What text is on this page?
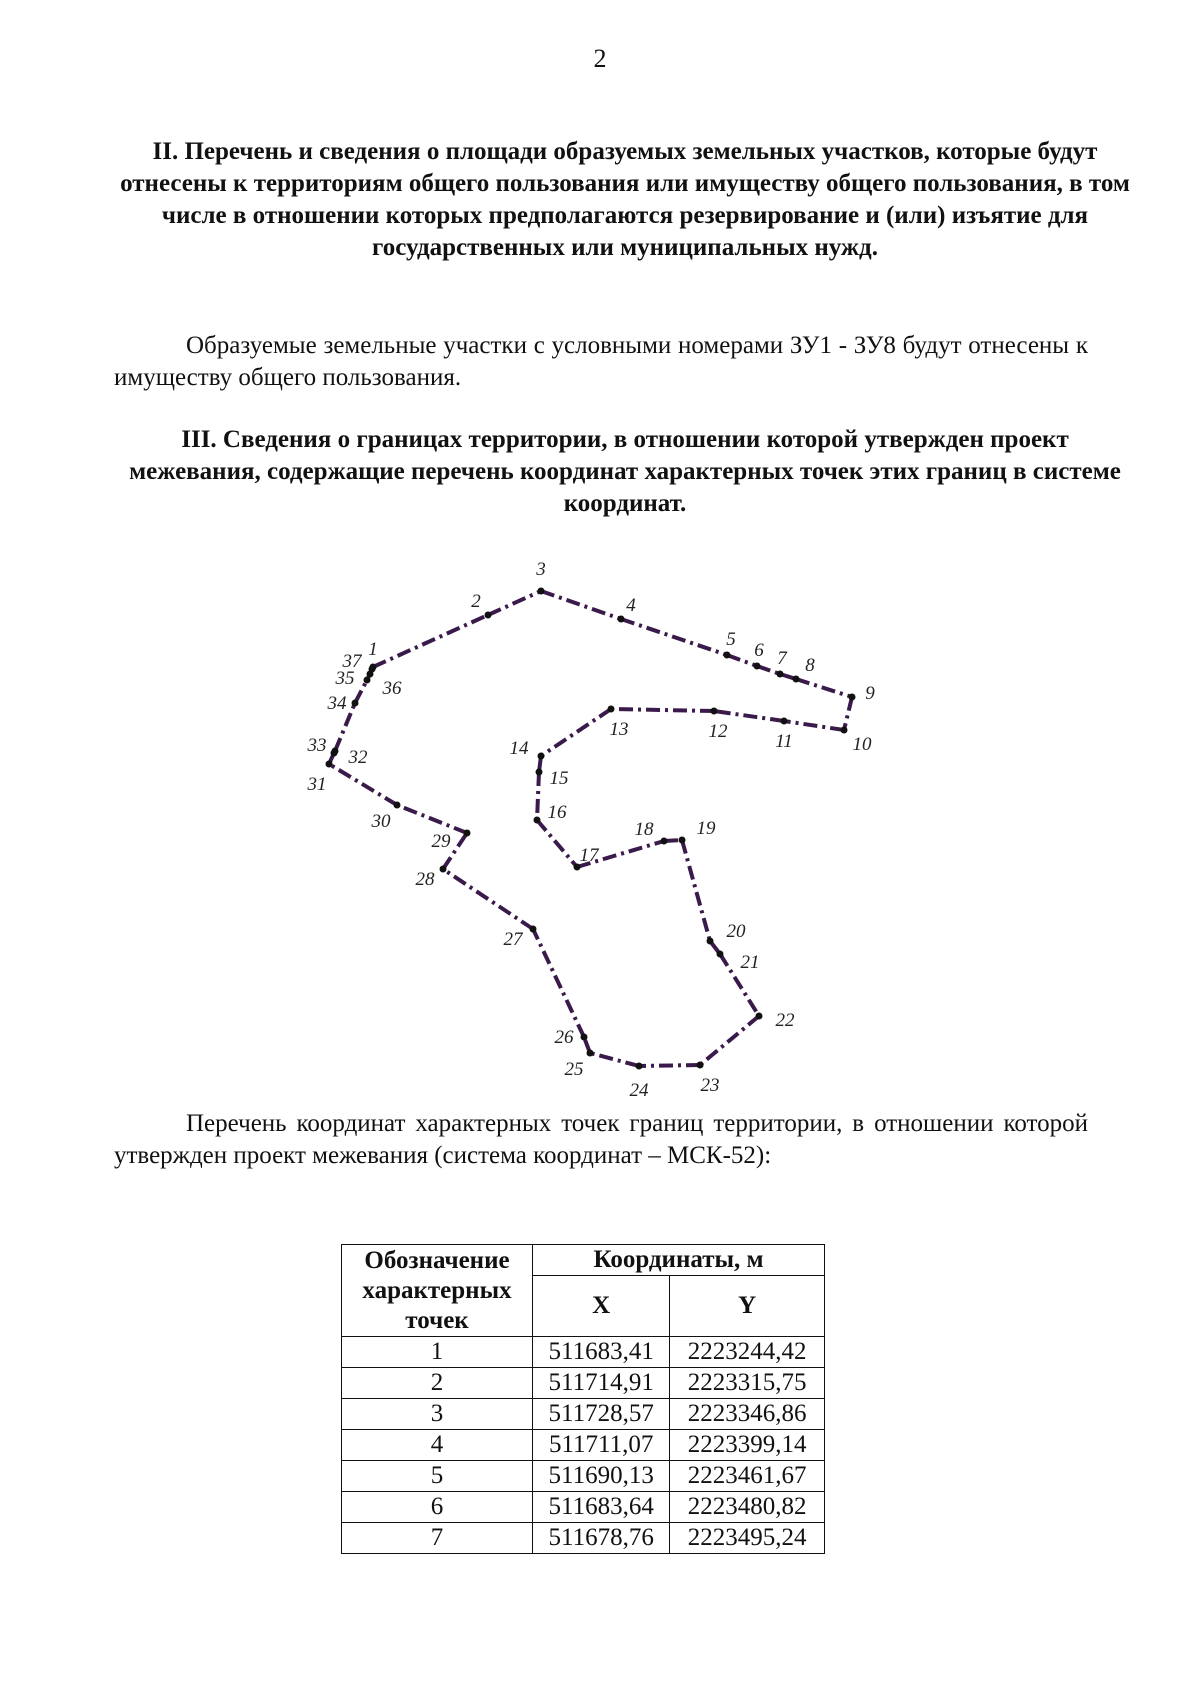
2
II. Перечень и сведения о площади образуемых земельных участков, которые будут отнесены к территориям общего пользования или имуществу общего пользования, в том числе в отношении которых предполагаются резервирование и (или) изъятие для государственных или муниципальных нужд.
Образуемые земельные участки с условными номерами ЗУ1 - ЗУ8 будут отнесены к имуществу общего пользования.
III. Сведения о границах территории, в отношении которой утвержден проект межевания, содержащие перечень координат характерных точек этих границ в системе координат.
1
2
3
4
5
6 7 8
9
10
11
12
13
14
15
16
17
18 19
20
21
22
23
24
25
26
27
28
29
30
31
32
33
34
35 36
37
Перечень координат характерных точек границ территории, в отношении которой утвержден проект межевания (система координат – МСК-52):
Обозначение характерных точек	Координаты, м	
	X	Y
1	511683,41	2223244,42
2	511714,91	2223315,75
3	511728,57	2223346,86
4	511711,07	2223399,14
5	511690,13	2223461,67
6	511683,64	2223480,82
7	511678,76	2223495,24
